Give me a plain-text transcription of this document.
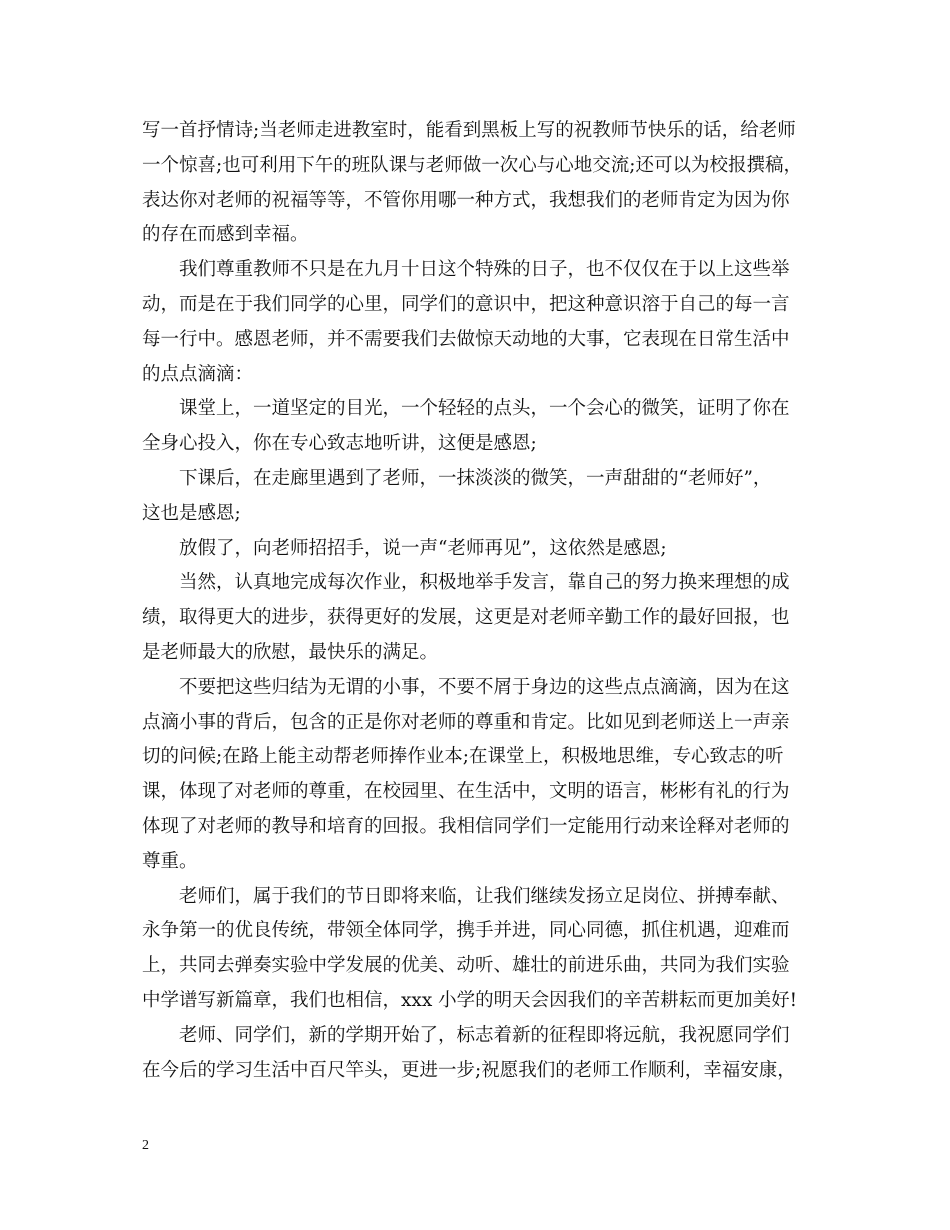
写一首抒情诗;当老师走进教室时，能看到黑板上写的祝教师节快乐的话，给老师
一个惊喜;也可利用下午的班队课与老师做一次心与心地交流;还可以为校报撰稿，
表达你对老师的祝福等等，不管你用哪一种方式，我想我们的老师肯定为因为你
的存在而感到幸福。
我们尊重教师不只是在九月十日这个特殊的日子，也不仅仅在于以上这些举
动，而是在于我们同学的心里，同学们的意识中，把这种意识溶于自己的每一言
每一行中。感恩老师，并不需要我们去做惊天动地的大事，它表现在日常生活中
的点点滴滴：
课堂上，一道坚定的目光，一个轻轻的点头，一个会心的微笑，证明了你在
全身心投入，你在专心致志地听讲，这便是感恩;
下课后，在走廊里遇到了老师，一抹淡淡的微笑，一声甜甜的“老师好”，
这也是感恩;
放假了，向老师招招手，说一声“老师再见”，这依然是感恩;
当然，认真地完成每次作业，积极地举手发言，靠自己的努力换来理想的成
绩，取得更大的进步，获得更好的发展，这更是对老师辛勤工作的最好回报，也
是老师最大的欣慰，最快乐的满足。
不要把这些归结为无谓的小事，不要不屑于身边的这些点点滴滴，因为在这
点滴小事的背后，包含的正是你对老师的尊重和肯定。比如见到老师送上一声亲
切的问候;在路上能主动帮老师捧作业本;在课堂上，积极地思维，专心致志的听
课，体现了对老师的尊重，在校园里、在生活中，文明的语言，彬彬有礼的行为
体现了对老师的教导和培育的回报。我相信同学们一定能用行动来诠释对老师的
尊重。
老师们，属于我们的节日即将来临，让我们继续发扬立足岗位、拼搏奉献、
永争第一的优良传统，带领全体同学，携手并进，同心同德，抓住机遇，迎难而
上，共同去弹奏实验中学发展的优美、动听、雄壮的前进乐曲，共同为我们实验
中学谱写新篇章，我们也相信，xxx 小学的明天会因我们的辛苦耕耘而更加美好!
老师、同学们，新的学期开始了，标志着新的征程即将远航，我祝愿同学们
在今后的学习生活中百尺竿头，更进一步;祝愿我们的老师工作顺利，幸福安康，
2
